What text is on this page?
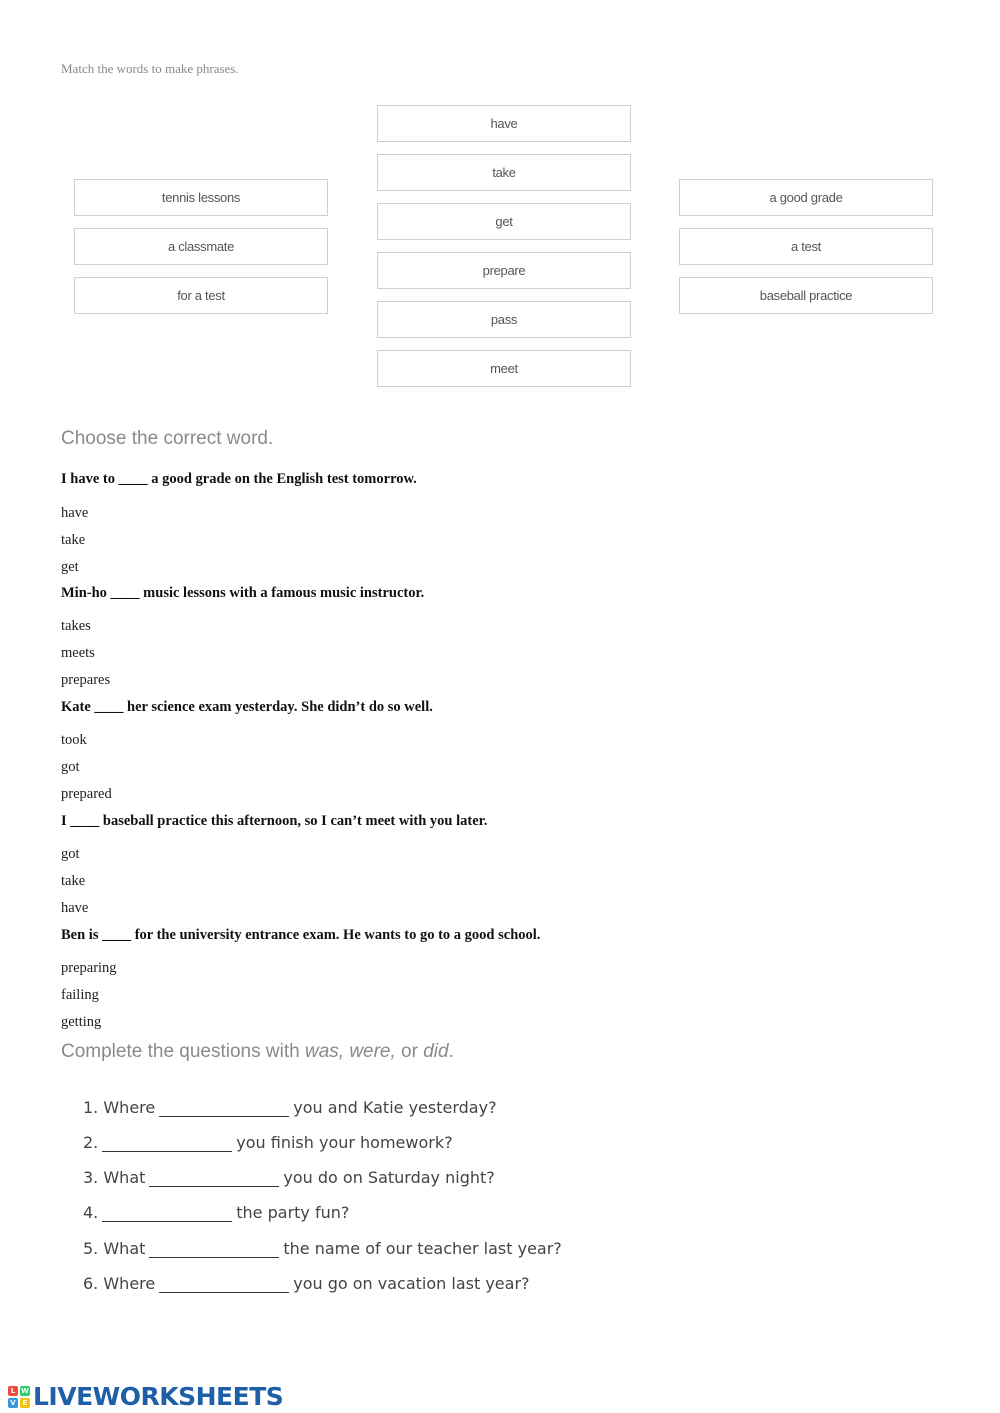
Match the words to make phrases.
tennis lessons
a classmate
for a test
have
take
get
prepare
pass
meet
a good grade
a test
baseball practice
Choose the correct word.
I have to ____ a good grade on the English test tomorrow.
have
take
get
Min-ho ____ music lessons with a famous music instructor.
takes
meets
prepares
Kate ____ her science exam yesterday. She didn’t do so well.
took
got
prepared
I ____ baseball practice this afternoon, so I can’t meet with you later.
got
take
have
Ben is ____ for the university entrance exam. He wants to go to a good school.
preparing
failing
getting
Complete the questions with was, were, or did.
1. Where	you and Katie yesterday?
2.	you finish your homework?
3. What	you do on Saturday night?
4.	the party fun?
5. What	the name of our teacher last year?
6. Where	you go on vacation last year?
L W
V E LIVEWORKSHEETS
